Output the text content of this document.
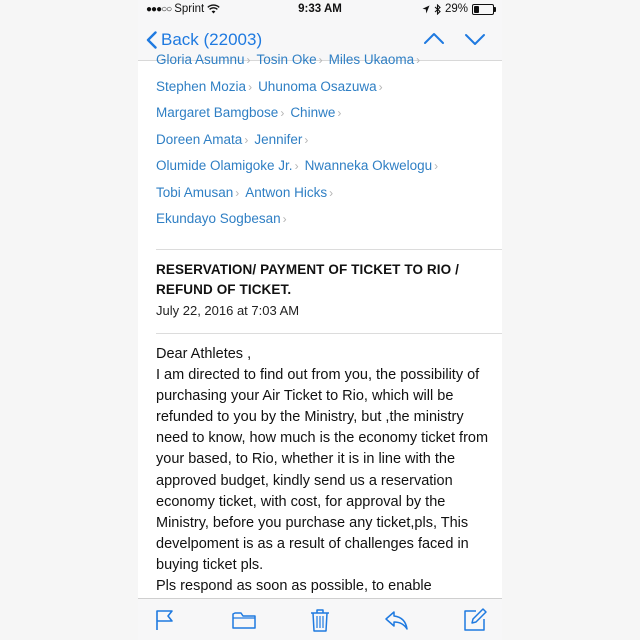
●●●○○ Sprint	9:33 AM	29%
Back (22003)
Gloria Asumnu › Tosin Oke › Miles Ukaoma ›
Stephen Mozia › Uhunoma Osazuwa ›
Margaret Bamgbose › Chinwe ›
Doreen Amata › Jennifer ›
Olumide Olamigoke Jr. › Nwanneka Okwelogu ›
Tobi Amusan › Antwon Hicks ›
Ekundayo Sogbesan ›
RESERVATION/ PAYMENT OF TICKET TO RIO / REFUND OF TICKET.
July 22, 2016 at 7:03 AM

Dear Athletes ,

I am directed to find out from you, the possibility of purchasing your Air Ticket to Rio, which will be refunded to you by the Ministry, but ,the ministry need to know, how much is the economy ticket from your based, to Rio, whether it is in line with the approved budget, kindly send us a reservation economy ticket, with cost, for approval by the Ministry, before you purchase any ticket,pls, This develpoment is as a result of challenges faced in buying ticket pls.

Pls respond as soon as possible, to enable
